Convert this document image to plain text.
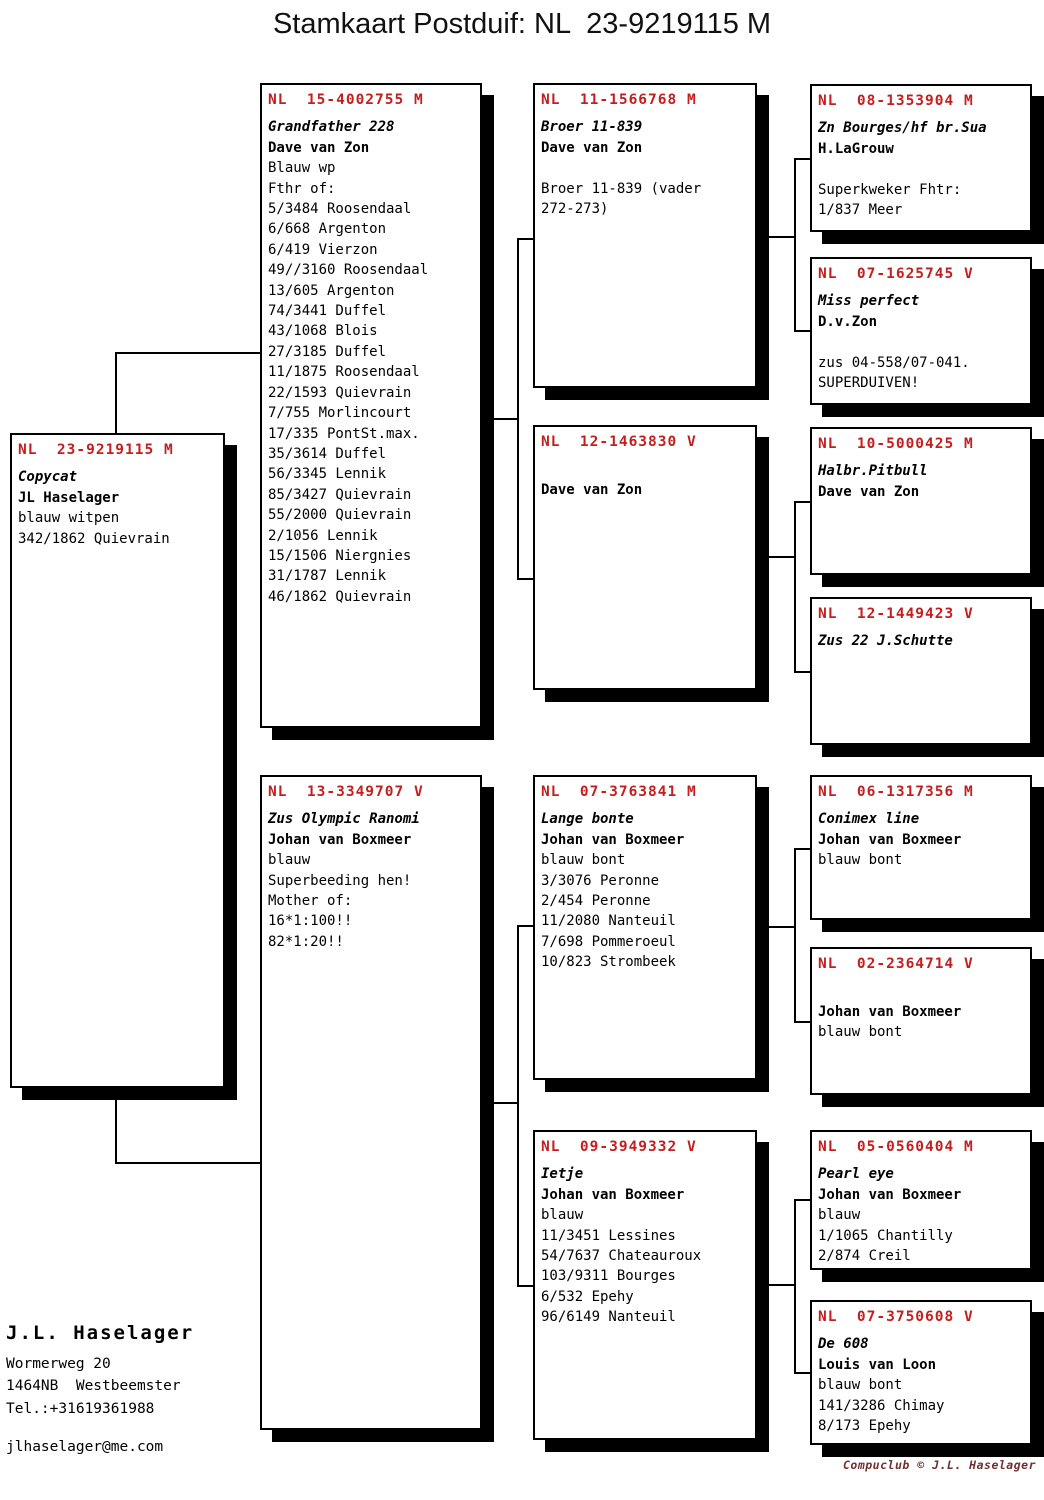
Stamkaart Postduif: NL  23-9219115 M
NL  23-9219115 M
Copycat
JL Haselager
blauw witpen
342/1862 Quievrain
NL  15-4002755 M
Grandfather 228
Dave van Zon
Blauw wp
Fthr of:
5/3484 Roosendaal
6/668 Argenton
6/419 Vierzon
49//3160 Roosendaal
13/605 Argenton
74/3441 Duffel
43/1068 Blois
27/3185 Duffel
11/1875 Roosendaal
22/1593 Quievrain
7/755 Morlincourt
17/335 PontSt.max.
35/3614 Duffel
56/3345 Lennik
85/3427 Quievrain
55/2000 Quievrain
2/1056 Lennik
15/1506 Niergnies
31/1787 Lennik
46/1862 Quievrain
NL  13-3349707 V
Zus Olympic Ranomi
Johan van Boxmeer
blauw
Superbeeding hen!
Mother of:
16*1:100!!
82*1:20!!
NL  11-1566768 M
Broer 11-839
Dave van Zon

Broer 11-839 (vader
272-273)
NL  12-1463830 V
Dave van Zon
NL  07-3763841 M
Lange bonte
Johan van Boxmeer
blauw bont
3/3076 Peronne
2/454 Peronne
11/2080 Nanteuil
7/698 Pommeroeul
10/823 Strombeek
NL  09-3949332 V
Ietje
Johan van Boxmeer
blauw
11/3451 Lessines
54/7637 Chateauroux
103/9311 Bourges
6/532 Epehy
96/6149 Nanteuil
NL  08-1353904 M
Zn Bourges/hf br.Sua
H.LaGrouw

Superkweker Fhtr:
1/837 Meer
NL  07-1625745 V
Miss perfect
D.v.Zon

zus 04-558/07-041.
SUPERDUIVEN!
NL  10-5000425 M
Halbr.Pitbull
Dave van Zon
NL  12-1449423 V
Zus 22 J.Schutte
NL  06-1317356 M
Conimex line
Johan van Boxmeer
blauw bont
NL  02-2364714 V
Johan van Boxmeer
blauw bont
NL  05-0560404 M
Pearl eye
Johan van Boxmeer
blauw
1/1065 Chantilly
2/874 Creil
NL  07-3750608 V
De 608
Louis van Loon
blauw bont
141/3286 Chimay
8/173 Epehy
J.L. Haselager
Wormerweg 20
1464NB  Westbeemster
Tel.:+31619361988
jlhaselager@me.com
Compuclub © J.L. Haselager
